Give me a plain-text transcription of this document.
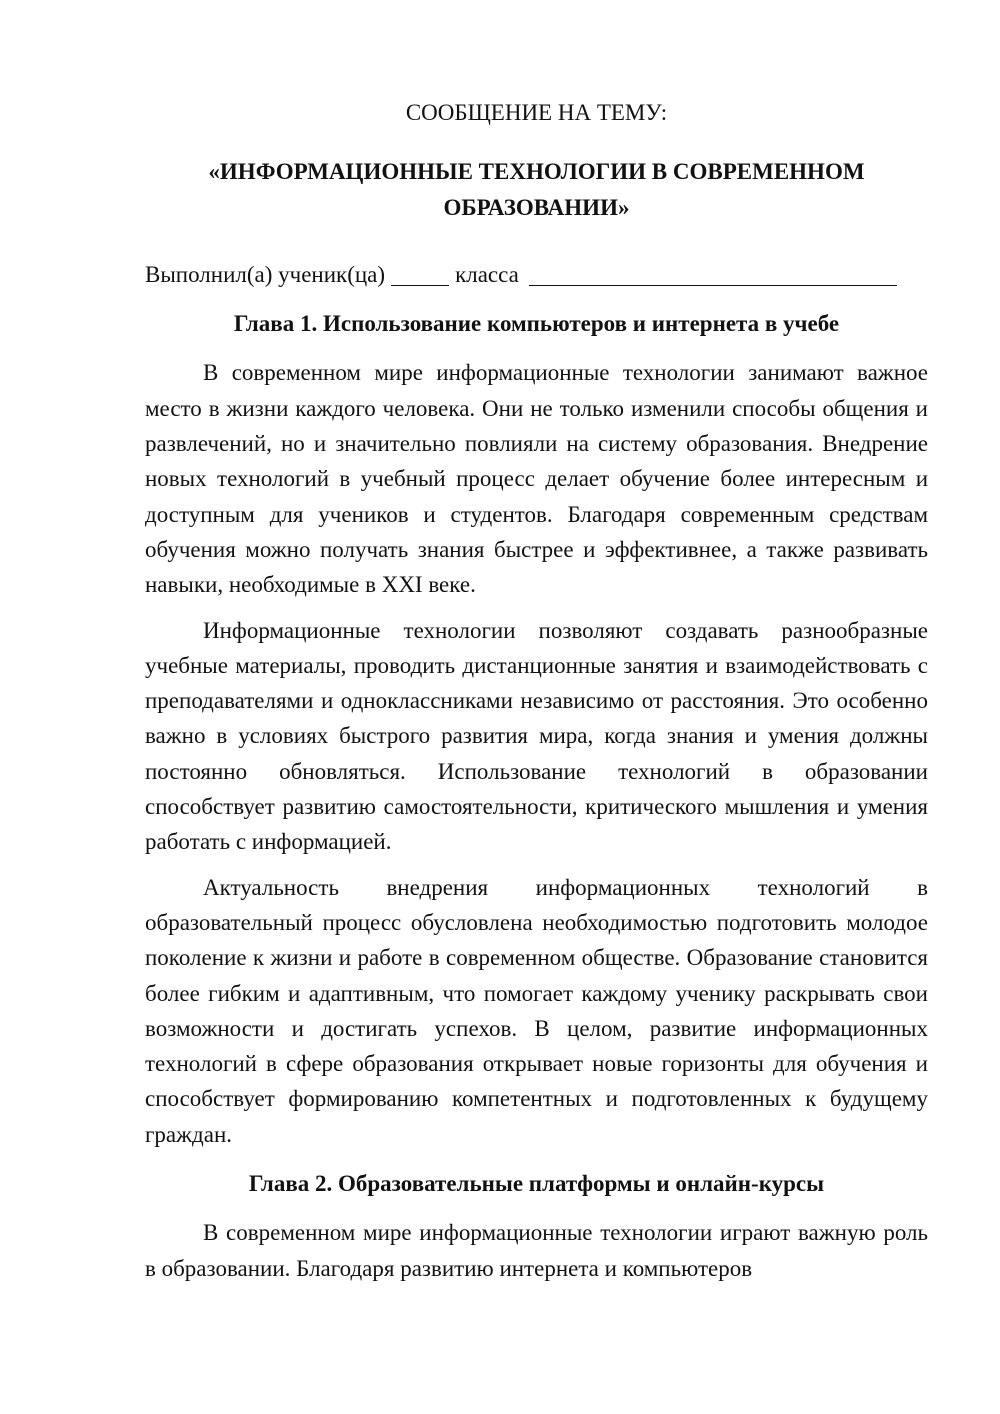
СООБЩЕНИЕ НА ТЕМУ:

«ИНФОРМАЦИОННЫЕ ТЕХНОЛОГИИ В СОВРЕМЕННОМ ОБРАЗОВАНИИ»

Выполнил(а) ученик(ца)	класса

Глава 1. Использование компьютеров и интернета в учебе

В современном мире информационные технологии занимают важное место в жизни каждого человека. Они не только изменили способы общения и развлечений, но и значительно повлияли на систему образования. Внедрение новых технологий в учебный процесс делает обучение более интересным и доступным для учеников и студентов. Благодаря современным средствам обучения можно получать знания быстрее и эффективнее, а также развивать навыки, необходимые в XXI веке.

Информационные технологии позволяют создавать разнообразные учебные материалы, проводить дистанционные занятия и взаимодействовать с преподавателями и одноклассниками независимо от расстояния. Это особенно важно в условиях быстрого развития мира, когда знания и умения должны постоянно обновляться. Использование технологий в образовании способствует развитию самостоятельности, критического мышления и умения работать с информацией.

Актуальность внедрения информационных технологий в образовательный процесс обусловлена необходимостью подготовить молодое поколение к жизни и работе в современном обществе. Образование становится более гибким и адаптивным, что помогает каждому ученику раскрывать свои возможности и достигать успехов. В целом, развитие информационных технологий в сфере образования открывает новые горизонты для обучения и способствует формированию компетентных и подготовленных к будущему граждан.

Глава 2. Образовательные платформы и онлайн-курсы

В современном мире информационные технологии играют важную роль в образовании. Благодаря развитию интернета и компьютеров
